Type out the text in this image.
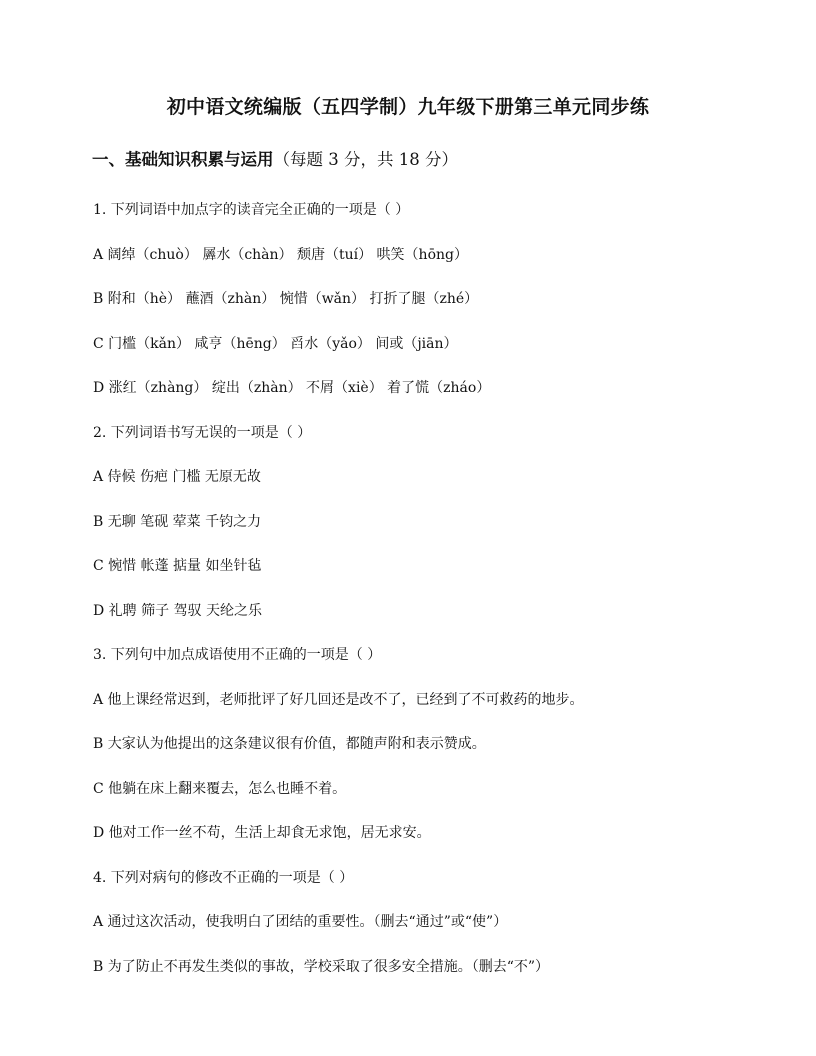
初中语文统编版（五四学制）九年级下册第三单元同步练
一、基础知识积累与运用（每题 3 分，共 18 分）
1. 下列词语中加点字的读音完全正确的一项是（ ）
A 阔绰（chuò） 羼水（chàn） 颓唐（tuí） 哄笑（hōng）
B 附和（hè） 蘸酒（zhàn） 惋惜（wǎn） 打折了腿（zhé）
C 门槛（kǎn） 咸亨（hēng） 舀水（yǎo） 间或（jiān）
D 涨红（zhàng） 绽出（zhàn） 不屑（xiè） 着了慌（zháo）
2. 下列词语书写无误的一项是（ ）
A 侍候 伤疤 门槛 无原无故
B 无聊 笔砚 荤菜 千钧之力
C 惋惜 帐蓬 掂量 如坐针毡
D 礼聘 筛子 驾驭 天纶之乐
3. 下列句中加点成语使用不正确的一项是（ ）
A 他上课经常迟到，老师批评了好几回还是改不了，已经到了不可救药的地步。
B 大家认为他提出的这条建议很有价值，都随声附和表示赞成。
C 他躺在床上翻来覆去，怎么也睡不着。
D 他对工作一丝不苟，生活上却食无求饱，居无求安。
4. 下列对病句的修改不正确的一项是（ ）
A 通过这次活动，使我明白了团结的重要性。（删去“通过”或“使”）
B 为了防止不再发生类似的事故，学校采取了很多安全措施。（删去“不”）
